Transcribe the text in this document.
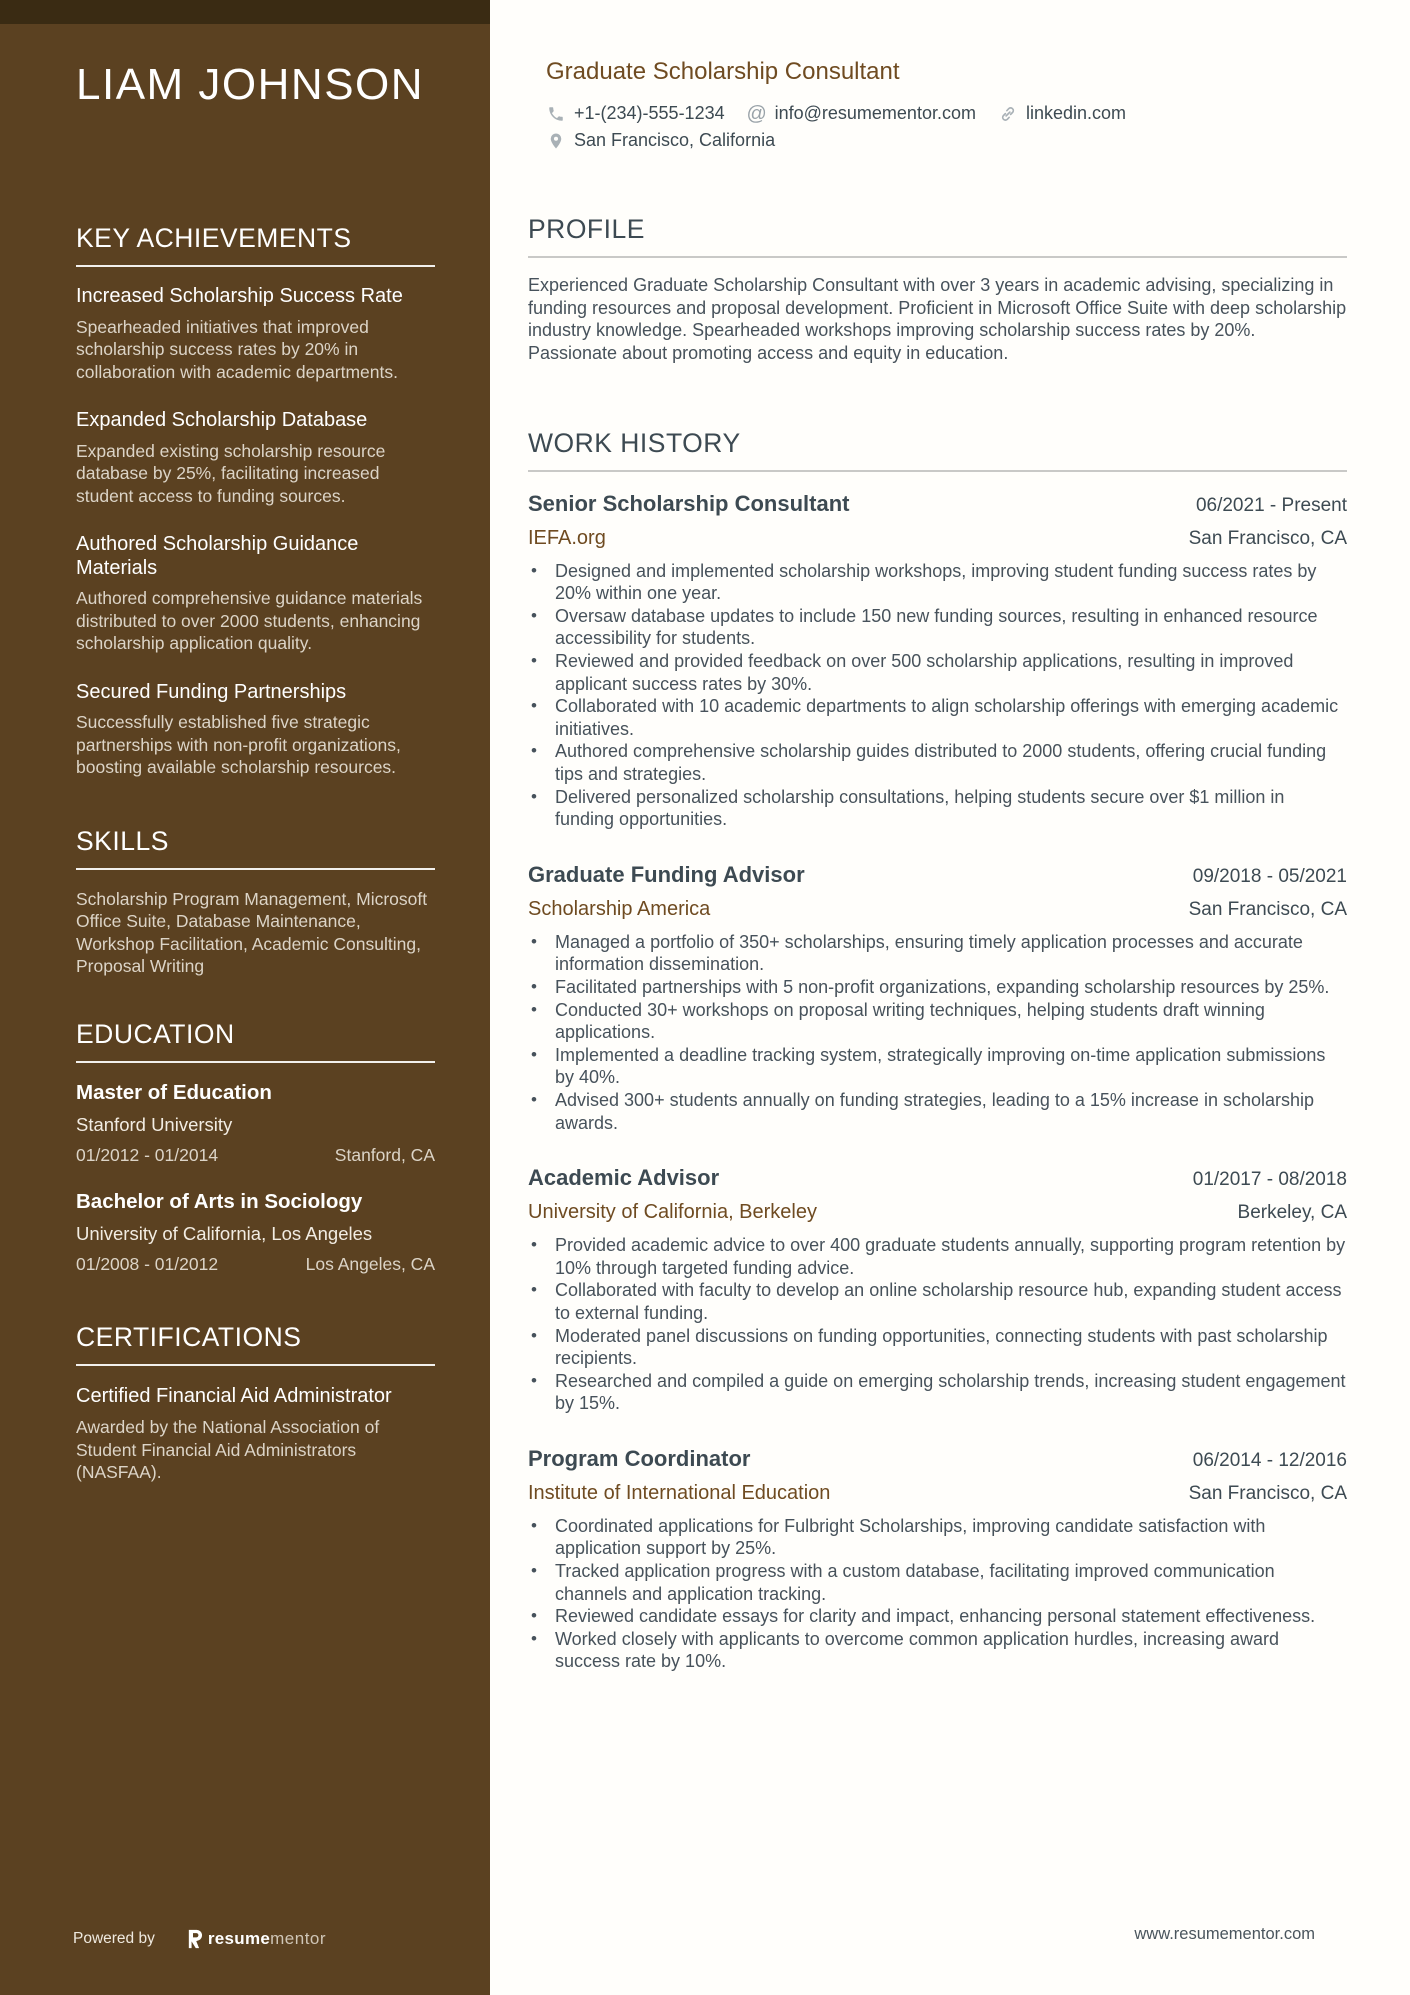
LIAM JOHNSON
KEY ACHIEVEMENTS
Increased Scholarship Success Rate
Spearheaded initiatives that improved scholarship success rates by 20% in collaboration with academic departments.
Expanded Scholarship Database
Expanded existing scholarship resource database by 25%, facilitating increased student access to funding sources.
Authored Scholarship Guidance Materials
Authored comprehensive guidance materials distributed to over 2000 students, enhancing scholarship application quality.
Secured Funding Partnerships
Successfully established five strategic partnerships with non-profit organizations, boosting available scholarship resources.
SKILLS
Scholarship Program Management, Microsoft Office Suite, Database Maintenance, Workshop Facilitation, Academic Consulting, Proposal Writing
EDUCATION
Master of Education
Stanford University
01/2012 - 01/2014	Stanford, CA
Bachelor of Arts in Sociology
University of California, Los Angeles
01/2008 - 01/2012	Los Angeles, CA
CERTIFICATIONS
Certified Financial Aid Administrator
Awarded by the National Association of Student Financial Aid Administrators (NASFAA).
Powered by	resume mentor
Graduate Scholarship Consultant
+1-(234)-555-1234 @ info@resumementor.com	linkedin.com
San Francisco, California
PROFILE

Experienced Graduate Scholarship Consultant with over 3 years in academic advising, specializing in funding resources and proposal development. Proficient in Microsoft Office Suite with deep scholarship industry knowledge. Spearheaded workshops improving scholarship success rates by 20%. Passionate about promoting access and equity in education.

WORK HISTORY
Senior Scholarship Consultant	06/2021 - Present
IEFA.org	San Francisco, CA
• Designed and implemented scholarship workshops, improving student funding success rates by 20% within one year.
• Oversaw database updates to include 150 new funding sources, resulting in enhanced resource accessibility for students.
• Reviewed and provided feedback on over 500 scholarship applications, resulting in improved applicant success rates by 30%.
• Collaborated with 10 academic departments to align scholarship offerings with emerging academic initiatives.
• Authored comprehensive scholarship guides distributed to 2000 students, offering crucial funding tips and strategies.
• Delivered personalized scholarship consultations, helping students secure over $1 million in funding opportunities.
Graduate Funding Advisor	09/2018 - 05/2021
Scholarship America	San Francisco, CA
• Managed a portfolio of 350+ scholarships, ensuring timely application processes and accurate information dissemination.
• Facilitated partnerships with 5 non-profit organizations, expanding scholarship resources by 25%.
• Conducted 30+ workshops on proposal writing techniques, helping students draft winning applications.
• Implemented a deadline tracking system, strategically improving on-time application submissions by 40%.
• Advised 300+ students annually on funding strategies, leading to a 15% increase in scholarship awards.
Academic Advisor	01/2017 - 08/2018
University of California, Berkeley	Berkeley, CA
• Provided academic advice to over 400 graduate students annually, supporting program retention by 10% through targeted funding advice.
• Collaborated with faculty to develop an online scholarship resource hub, expanding student access to external funding.
• Moderated panel discussions on funding opportunities, connecting students with past scholarship recipients.
• Researched and compiled a guide on emerging scholarship trends, increasing student engagement by 15%.
Program Coordinator	06/2014 - 12/2016
Institute of International Education	San Francisco, CA
• Coordinated applications for Fulbright Scholarships, improving candidate satisfaction with application support by 25%.
• Tracked application progress with a custom database, facilitating improved communication channels and application tracking.
• Reviewed candidate essays for clarity and impact, enhancing personal statement effectiveness.
• Worked closely with applicants to overcome common application hurdles, increasing award success rate by 10%.
www.resumementor.com
